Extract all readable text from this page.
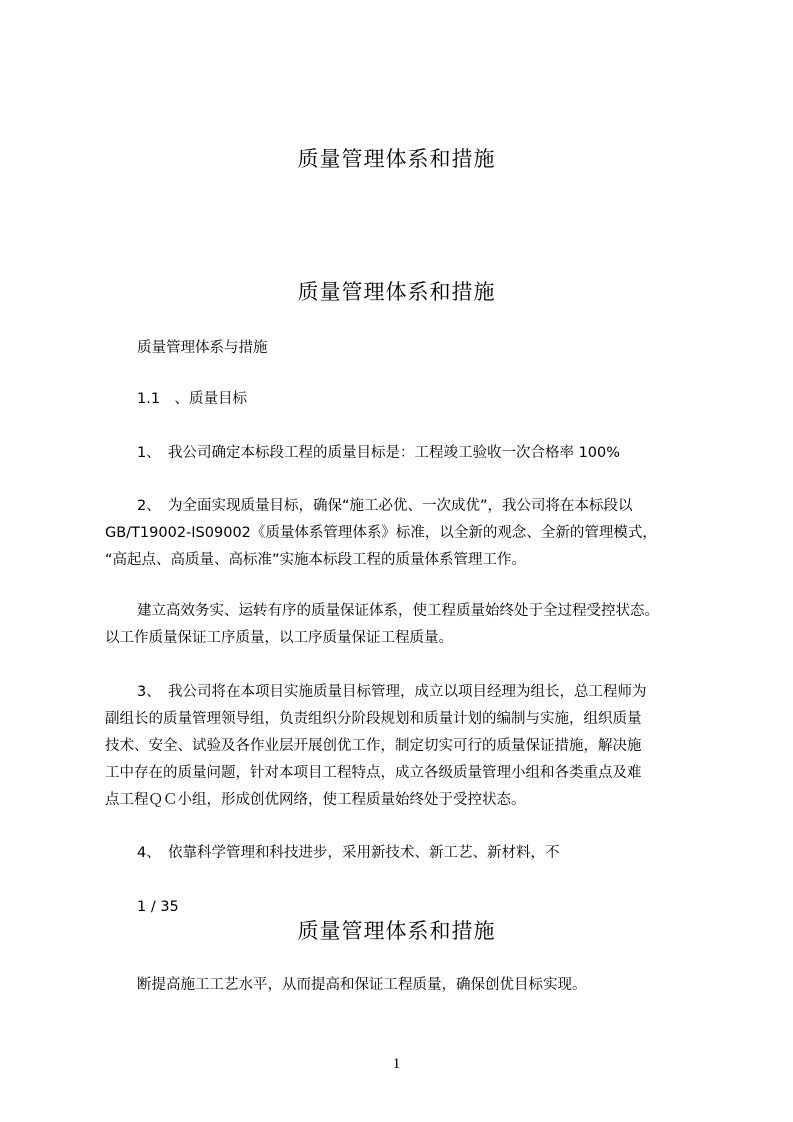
质量管理体系和措施
质量管理体系和措施
质量管理体系与措施
1.1　、质量目标
1、　我公司确定本标段工程的质量目标是：工程竣工验收一次合格率 100%
2、　为全面实现质量目标，确保“施工必优、一次成优”，我公司将在本标段以
GB/T19002-IS09002《质量体系管理体系》标准，以全新的观念、全新的管理模式，
“高起点、高质量、高标准”实施本标段工程的质量体系管理工作。
建立高效务实、运转有序的质量保证体系，使工程质量始终处于全过程受控状态。
以工作质量保证工序质量，以工序质量保证工程质量。
3、　我公司将在本项目实施质量目标管理，成立以项目经理为组长，总工程师为
副组长的质量管理领导组，负责组织分阶段规划和质量计划的编制与实施，组织质量
技术、安全、试验及各作业层开展创优工作，制定切实可行的质量保证措施，解决施
工中存在的质量问题，针对本项目工程特点，成立各级质量管理小组和各类重点及难
点工程ＱＣ小组，形成创优网络，使工程质量始终处于受控状态。
4、　依靠科学管理和科技进步，采用新技术、新工艺、新材料，不
1 / 35
质量管理体系和措施
断提高施工工艺水平，从而提高和保证工程质量，确保创优目标实现。
1
